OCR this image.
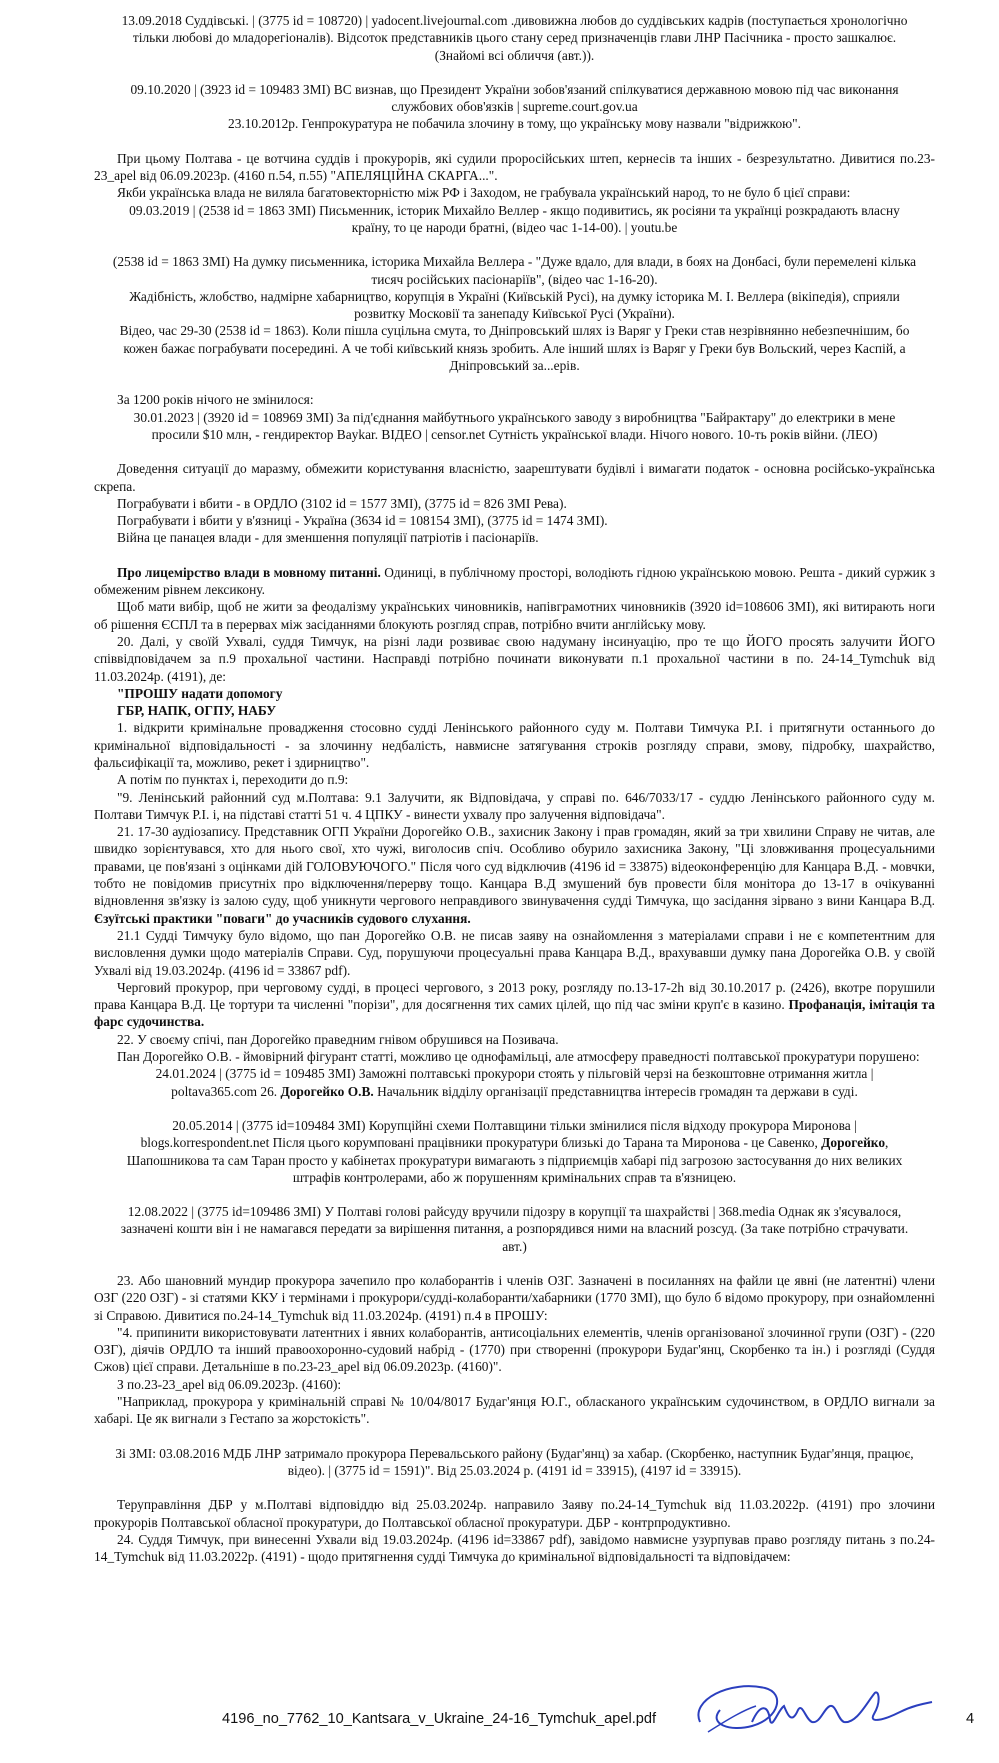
13.09.2018 Суддівські. | (3775 id = 108720) | yadocent.livejournal.com .дивовижна любов до суддівських кадрів (поступається хронологічно тільки любові до младорегіоналів). Відсоток представників цього стану серед призначенців глави ЛНР Пасічника - просто зашкалює. (Знайомі всі обличчя (авт.)).

09.10.2020 | (3923 id = 109483 ЗМІ) ВС визнав, що Президент України зобов'язаний спілкуватися державною мовою під час виконання службових обов'язків | supreme.court.gov.ua

23.10.2012р. Генпрокуратура не побачила злочину в тому, що українську мову назвали "відрижкою".

При цьому Полтава - це вотчина суддів і прокурорів, які судили проросійських штеп, кернесів та інших - безрезультатно. Дивитися по.23-23_apel від 06.09.2023р. (4160 п.54, п.55) "АПЕЛЯЦІЙНА СКАРГА...".

Якби українська влада не виляла багатовекторністю між РФ і Заходом, не грабувала український народ, то не було б цієї справи:

09.03.2019 | (2538 id = 1863 ЗМІ) Письменник, історик Михайло Веллер - якщо подивитись, як росіяни та українці розкрадають власну країну, то це народи братні, (відео час 1-14-00). | youtu.be

(2538 id = 1863 ЗМІ) На думку письменника, історика Михайла Веллера - "Дуже вдало, для влади, в боях на Донбасі, були перемелені кілька тисяч російських пасіонаріїв", (відео час 1-16-20).

Жадібність, жлобство, надмірне хабарництво, корупція в Україні (Київській Русі), на думку історика М. І. Веллера (вікіпедія), сприяли розвитку Московії та занепаду Київської Русі (України).

Відео, час 29-30 (2538 id = 1863). Коли пішла суцільна смута, то Дніпровський шлях із Варяг у Греки став незрівнянно небезпечнішим, бо кожен бажає пограбувати посередині. А че тобі київський князь зробить. Але інший шлях із Варяг у Греки був Вольский, через Каспій, а Дніпровський за...ерів.

За 1200 років нічого не змінилося:

30.01.2023 | (3920 id = 108969 ЗМІ) За під'єднання майбутнього українського заводу з виробництва "Байрактару" до електрики в мене просили $10 млн, - гендиректор Baykar. ВІДЕО | censor.net Сутність української влади. Нічого нового. 10-ть років війни. (ЛЕО)

Доведення ситуації до маразму, обмежити користування власністю, заарештувати будівлі і вимагати податок - основна російсько-українська скрепа.

Пограбувати і вбити - в ОРДЛО (3102 id = 1577 ЗМІ), (3775 id = 826 ЗМІ Рева).

Пограбувати і вбити у в'язниці - Україна (3634 id = 108154 ЗМІ), (3775 id = 1474 ЗМІ).

Війна це панацея влади - для зменшення популяції патріотів і пасіонаріїв.

Про лицемірство влади в мовному питанні. Одиниці, в публічному просторі, володіють гідною українською мовою. Решта - дикий суржик з обмеженим рівнем лексикону.

Щоб мати вибір, щоб не жити за феодалізму українських чиновників, напівграмотних чиновників (3920 id=108606 ЗМІ), які витирають ноги об рішення ЄСПЛ та в перервах між засіданнями блокують розгляд справ, потрібно вчити англійську мову.

20. Далі, у своїй Ухвалі, суддя Тимчук, на різні лади розвиває свою надуману інсинуацію, про те що ЙОГО просять залучити ЙОГО співвідповідачем за п.9 прохальної частини. Насправді потрібно починати виконувати п.1 прохальної частини в по. 24-14_Tymchuk від 11.03.2024р. (4191), де:

"ПРОШУ надати допомогу

ГБР, НАПК, ОГПУ, НАБУ

1. відкрити кримінальне провадження стосовно судді Ленінського районного суду м. Полтави Тимчука Р.І. і притягнути останнього до кримінальної відповідальності - за злочинну недбалість, навмисне затягування строків розгляду справи, змову, підробку, шахрайство, фальсифікації та, можливо, рекет і здирництво".

А потім по пунктах і, переходити до п.9:

"9. Ленінський районний суд м.Полтава: 9.1 Залучити, як Відповідача, у справі по. 646/7033/17 - суддю Ленінського районного суду м. Полтави Тимчук Р.І. і, на підставі статті 51 ч. 4 ЦПКУ - винести ухвалу про залучення відповідача".

21. 17-30 аудіозапису. Представник ОГП України Дорогейко О.В., захисник Закону і прав громадян, який за три хвилини Справу не читав, але швидко зорієнтувався, хто для нього свої, хто чужі, виголосив спіч. Особливо обурило захисника Закону, "Ці зловживання процесуальними правами, це пов'язані з оцінками дій ГОЛОВУЮЧОГО." Після чого суд відключив (4196 id = 33875) відеоконференцію для Канцара В.Д. - мовчки, тобто не повідомив присутніх про відключення/перерву тощо. Канцара В.Д змушений був провести біля монітора до 13-17 в очікуванні відновлення зв'язку із залою суду, щоб уникнути чергового неправдивого звинувачення судді Тимчука, що засідання зірвано з вини Канцара В.Д. Єзуїтські практики "поваги" до учасників судового слухання.

21.1 Судді Тимчуку було відомо, що пан Дорогейко О.В. не писав заяву на ознайомлення з матеріалами справи і не є компетентним для висловлення думки щодо матеріалів Справи. Суд, порушуючи процесуальні права Канцара В.Д., врахувавши думку пана Дорогейка О.В. у своїй Ухвалі від 19.03.2024р. (4196 id = 33867 pdf).

Черговий прокурор, при черговому судді, в процесі чергового, з 2013 року, розгляду по.13-17-2h від 30.10.2017 р. (2426), вкотре порушили права Канцара В.Д. Це тортури та численні "порізи", для досягнення тих самих цілей, що під час зміни круп'є в казино. Профанація, імітація та фарс судочинства.

22. У своєму спічі, пан Дорогейко праведним гнівом обрушився на Позивача.

Пан Дорогейко О.В. - ймовірний фігурант статті, можливо це однофамільці, але атмосферу праведності полтавської прокуратури порушено:

24.01.2024 | (3775 id = 109485 ЗМІ) Заможні полтавські прокурори стоять у пільговій черзі на безкоштовне отримання житла | poltava365.com 26. Дорогейко О.В. Начальник відділу організації представництва інтересів громадян та держави в суді.

20.05.2014 | (3775 id=109484 ЗМІ) Корупційні схеми Полтавщини тільки змінилися після відходу прокурора Миронова | blogs.korrespondent.net Після цього корумповані працівники прокуратури близькі до Тарана та Миронова - це Савенко, Дорогейко, Шапошникова та сам Таран просто у кабінетах прокуратури вимагають з підприємців хабарі під загрозою застосування до них великих штрафів контролерами, або ж порушенням кримінальних справ та в'язницею.

12.08.2022 | (3775 id=109486 ЗМІ) У Полтаві голові райсуду вручили підозру в корупції та шахрайстві | 368.media Однак як з'ясувалося, зазначені кошти він і не намагався передати за вирішення питання, а розпорядився ними на власний розсуд. (За таке потрібно страчувати. авт.)

23. Або шановний мундир прокурора зачепило про колаборантів і членів ОЗГ. Зазначені в посиланнях на файли це явні (не латентні) члени ОЗГ (220 ОЗГ) - зі статями ККУ і термінами і прокурори/судді-колаборанти/хабарники (1770 ЗМІ), що було б відомо прокурору, при ознайомленні зі Справою. Дивитися по.24-14_Tymchuk від 11.03.2024р. (4191) п.4 в ПРОШУ:

"4. припинити використовувати латентних і явних колаборантів, антисоціальних елементів, членів організованої злочинної групи (ОЗГ) - (220 ОЗГ), діячів ОРДЛО та інший правоохоронно-судовий набрід - (1770) при створенні (прокурори Будаг'янц, Скорбенко та ін.) і розгляді (Суддя Сжов) цієї справи. Детальніше в по.23-23_apel від 06.09.2023р. (4160)".

З по.23-23_apel від 06.09.2023р. (4160):

"Наприклад, прокурора у кримінальній справі № 10/04/8017 Будаг'янця Ю.Г., обласканого українським судочинством, в ОРДЛО вигнали за хабарі. Це як вигнали з Гестапо за жорстокість".

Зі ЗМІ: 03.08.2016 МДБ ЛНР затримало прокурора Перевальського району (Будаг'янц) за хабар. (Скорбенко, наступник Будаг'янця, працює, відео). | (3775 id = 1591)". Від 25.03.2024 р. (4191 id = 33915), (4197 id = 33915).

Теруправління ДБР у м.Полтаві відповіддю від 25.03.2024р. направило Заяву по.24-14_Tymchuk від 11.03.2022р. (4191) про злочини прокурорів Полтавської обласної прокуратури, до Полтавської обласної прокуратури. ДБР - контрпродуктивно.

24. Суддя Тимчук, при винесенні Ухвали від 19.03.2024р. (4196 id=33867 pdf), завідомо навмисне узурпував право розгляду питань з по.24-14_Tymchuk від 11.03.2022р. (4191) - щодо притягнення судді Тимчука до кримінальної відповідальності та відповідачем:

4196_no_7762_10_Kantsara_v_Ukraine_24-16_Tymchuk_apel.pdf	4
